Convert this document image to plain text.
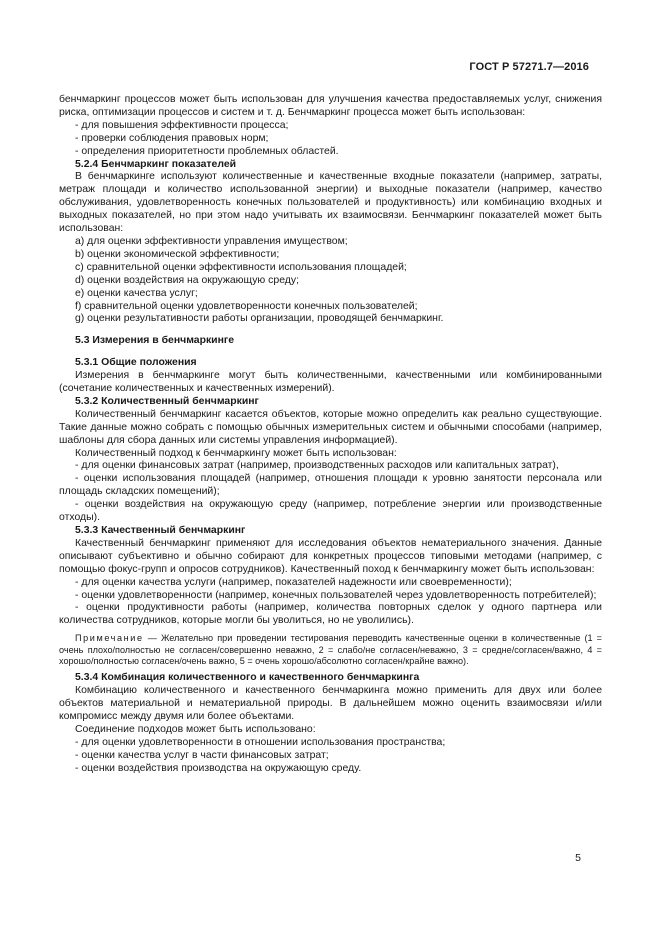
ГОСТ Р 57271.7—2016

бенчмаркинг процессов может быть использован для улучшения качества предоставляемых услуг, снижения риска, оптимизации процессов и систем и т. д. Бенчмаркинг процесса может быть использован:

- для повышения эффективности процесса;

- проверки соблюдения правовых норм;

- определения приоритетности проблемных областей.

5.2.4 Бенчмаркинг показателей

В бенчмаркинге используют количественные и качественные входные показатели (например, затраты, метраж площади и количество использованной энергии) и выходные показатели (например, качество обслуживания, удовлетворенность конечных пользователей и продуктивность) или комбинацию входных и выходных показателей, но при этом надо учитывать их взаимосвязи. Бенчмаркинг показателей может быть использован:

a) для оценки эффективности управления имуществом;

b) оценки экономической эффективности;

c) сравнительной оценки эффективности использования площадей;

d) оценки воздействия на окружающую среду;

e) оценки качества услуг;

f) сравнительной оценки удовлетворенности конечных пользователей;

g) оценки результативности работы организации, проводящей бенчмаркинг.

5.3 Измерения в бенчмаркинге

5.3.1 Общие положения

Измерения в бенчмаркинге могут быть количественными, качественными или комбинированными (сочетание количественных и качественных измерений).

5.3.2 Количественный бенчмаркинг

Количественный бенчмаркинг касается объектов, которые можно определить как реально существующие. Такие данные можно собрать с помощью обычных измерительных систем и обычными способами (например, шаблоны для сбора данных или системы управления информацией).

Количественный подход к бенчмаркингу может быть использован:

- для оценки финансовых затрат (например, производственных расходов или капитальных затрат),

- оценки использования площадей (например, отношения площади к уровню занятости персонала или площадь складских помещений);

- оценки воздействия на окружающую среду (например, потребление энергии или производственные отходы).

5.3.3 Качественный бенчмаркинг

Качественный бенчмаркинг применяют для исследования объектов нематериального значения. Данные описывают субъективно и обычно собирают для конкретных процессов типовыми методами (например, с помощью фокус-групп и опросов сотрудников). Качественный поход к бенчмаркингу может быть использован:

- для оценки качества услуги (например, показателей надежности или своевременности);

- оценки удовлетворенности (например, конечных пользователей через удовлетворенность потребителей);

- оценки продуктивности работы (например, количества повторных сделок у одного партнера или количества сотрудников, которые могли бы уволиться, но не уволились).

Примечание — Желательно при проведении тестирования переводить качественные оценки в количественные (1 = очень плохо/полностью не согласен/совершенно неважно, 2 = слабо/не согласен/неважно, 3 = средне/согласен/важно, 4 = хорошо/полностью согласен/очень важно, 5 = очень хорошо/абсолютно согласен/крайне важно).

5.3.4 Комбинация количественного и качественного бенчмаркинга

Комбинацию количественного и качественного бенчмаркинга можно применить для двух или более объектов материальной и нематериальной природы. В дальнейшем можно оценить взаимосвязи и/или компромисс между двумя или более объектами.

Соединение подходов может быть использовано:

- для оценки удовлетворенности в отношении использования пространства;

- оценки качества услуг в части финансовых затрат;

- оценки воздействия производства на окружающую среду.

5
